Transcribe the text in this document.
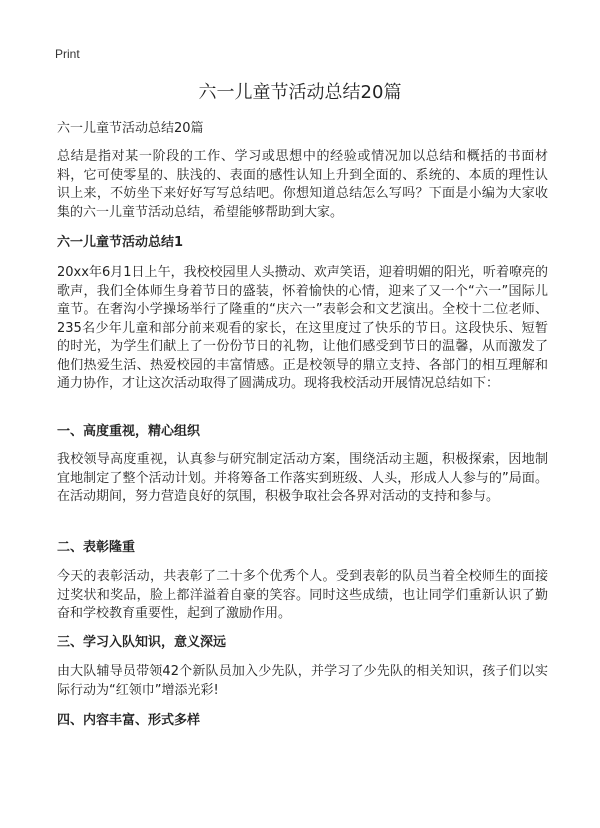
Print
六一儿童节活动总结20篇
六一儿童节活动总结20篇

总结是指对某一阶段的工作、学习或思想中的经验或情况加以总结和概括的书面材料，它可使零星的、肤浅的、表面的感性认知上升到全面的、系统的、本质的理性认识上来，不妨坐下来好好写写总结吧。你想知道总结怎么写吗？下面是小编为大家收集的六一儿童节活动总结，希望能够帮助到大家。

六一儿童节活动总结1

20xx年6月1日上午，我校校园里人头攒动、欢声笑语，迎着明媚的阳光，听着嘹亮的歌声，我们全体师生身着节日的盛装，怀着愉快的心情，迎来了又一个“六一”国际儿童节。在奢沟小学操场举行了隆重的“庆六一”表彰会和文艺演出。全校十二位老师、235名少年儿童和部分前来观看的家长，在这里度过了快乐的节日。这段快乐、短暂的时光，为学生们献上了一份份节日的礼物，让他们感受到节日的温馨，从而激发了他们热爱生活、热爱校园的丰富情感。正是校领导的鼎立支持、各部门的相互理解和通力协作，才让这次活动取得了圆满成功。现将我校活动开展情况总结如下：

一、高度重视，精心组织

我校领导高度重视，认真参与研究制定活动方案，围绕活动主题，积极探索，因地制宜地制定了整个活动计划。并将筹备工作落实到班级、人头，形成人人参与的”局面。在活动期间，努力营造良好的氛围，积极争取社会各界对活动的支持和参与。

二、表彰隆重

今天的表彰活动，共表彰了二十多个优秀个人。受到表彰的队员当着全校师生的面接过奖状和奖品，脸上都洋溢着自豪的笑容。同时这些成绩，也让同学们重新认识了勤奋和学校教育重要性，起到了激励作用。

三、学习入队知识，意义深远

由大队辅导员带领42个新队员加入少先队，并学习了少先队的相关知识，孩子们以实际行动为“红领巾”增添光彩!

四、内容丰富、形式多样
